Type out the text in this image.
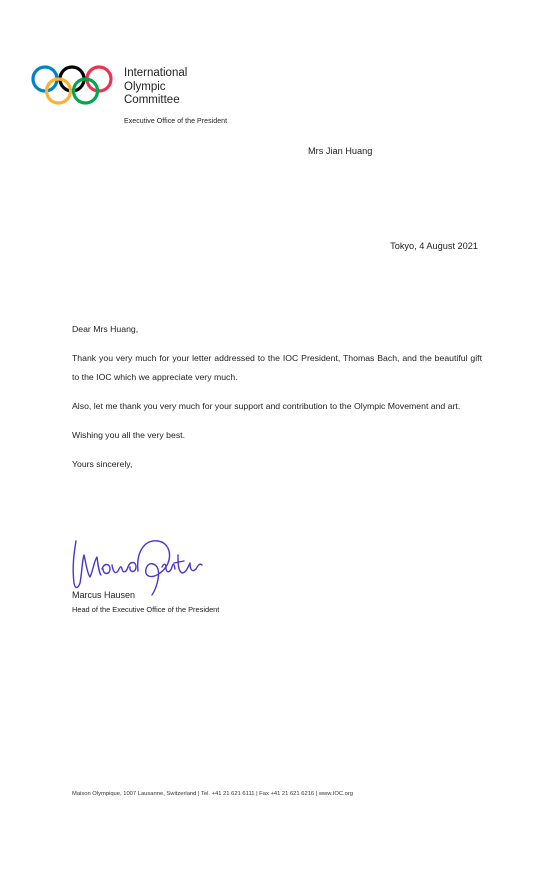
International
Olympic
Committee
Executive Office of the President
Mrs Jian Huang
Tokyo, 4 August 2021

Dear Mrs Huang,

Thank you very much for your letter addressed to the IOC President, Thomas Bach, and the beautiful gift to the IOC which we appreciate very much.

Also, let me thank you very much for your support and contribution to the Olympic Movement and art.

Wishing you all the very best.

Yours sincerely,

Marcus Hausen
Head of the Executive Office of the President
Maison Olympique, 1007 Lausanne, Switzerland | Tel. +41 21 621 6111 | Fax +41 21 621 6216 | www.IOC.org
